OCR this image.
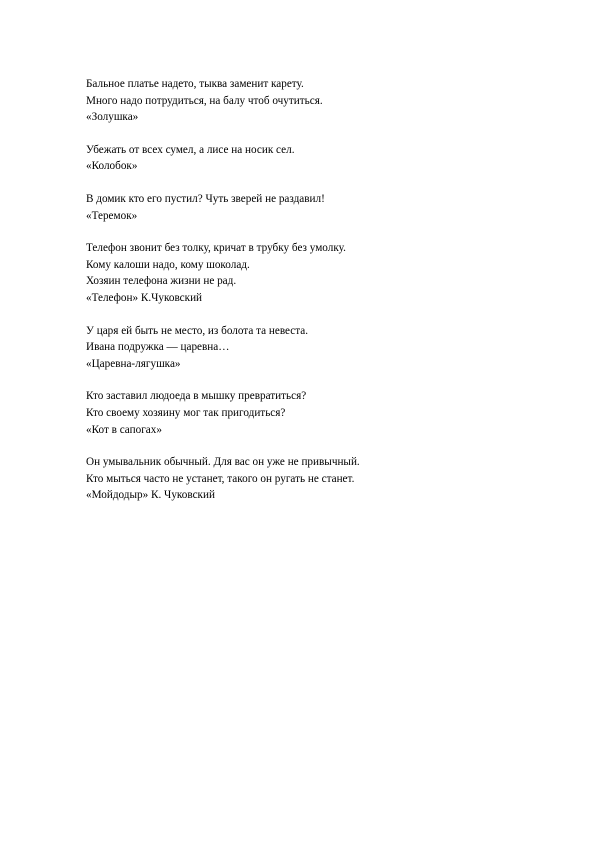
Бальное платье надето, тыква заменит карету.
Много надо потрудиться, на балу чтоб очутиться.
«Золушка»
Убежать от всех сумел, а лисе на носик сел.
«Колобок»
В домик кто его пустил? Чуть зверей не раздавил!
«Теремок»
Телефон звонит без толку, кричат в трубку без умолку.
Кому калоши надо, кому шоколад.
Хозяин телефона жизни не рад.
«Телефон» К.Чуковский
У царя ей быть не место, из болота та невеста.
Ивана подружка — царевна…
«Царевна-лягушка»
Кто заставил людоеда в мышку превратиться?
Кто своему хозяину мог так пригодиться?
«Кот в сапогах»
Он умывальник обычный. Для вас он уже не привычный.
Кто мыться часто не устанет, такого он ругать не станет.
«Мойдодыр» К. Чуковский
